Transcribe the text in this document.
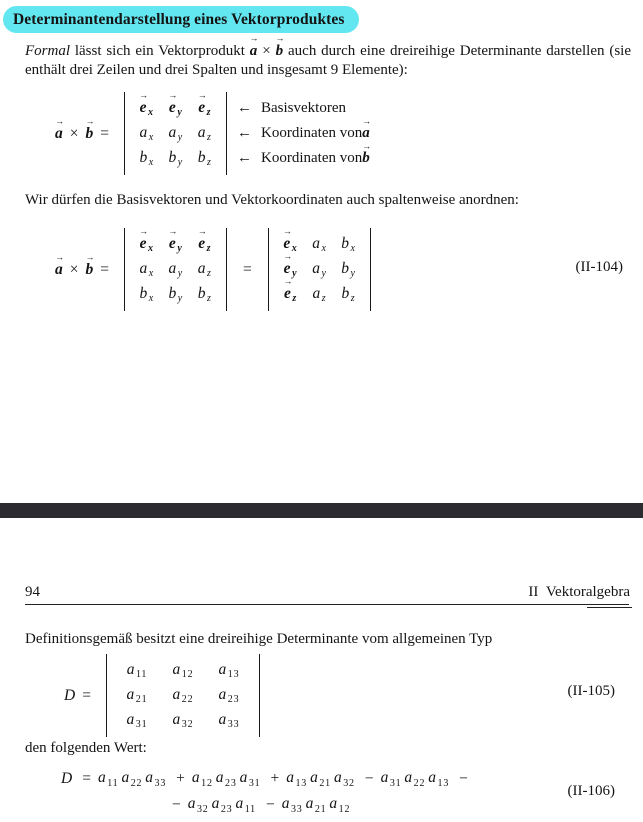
Determinantendarstellung eines Vektorproduktes

Formal lässt sich ein Vektorprodukt a
→
× b
→
auch durch eine dreireihige Determinante darstellen (sie enthält drei Zeilen und drei Spalten und insgesamt 9 Elemente):

a
→
× b
→
=
e
→
$_x$ e
→
$_y$ e
→
$_z$
a $_x$ a $_y$ a $_z$
b $_x$ b $_y$ b $_z$
← Basisvektoren
← Koordinaten von a
→
← Koordinaten von b
→

Wir dürfen die Basisvektoren und Vektorkoordinaten auch spaltenweise anordnen:

a
→
× b
→
=
e
→
$_x$ e
→
$_y$ e
→
$_z$
a $_x$ a $_y$ a $_z$
b $_x$ b $_y$ b $_z$
=
e
→
$_x$ a $_x$ b $_x$
e
→
$_y$ a $_y$ b $_y$
e
→
$_z$ a $_z$ b $_z$
(II-104)
94	II Vektoralgebra

Definitionsgemäß besitzt eine dreireihige Determinante vom allgemeinen Typ

D =
a $_{11}$ a $_{12}$ a $_{13}$
a $_{21}$ a $_{22}$ a $_{23}$
a $_{31}$ a $_{32}$ a $_{33}$
(II-105)

den folgenden Wert:

D = a $_{11}$ a $_{22}$ a $_{33}$ + a $_{12}$ a $_{23}$ a $_{31}$ + a $_{13}$ a $_{21}$ a $_{32}$ − a $_{31}$ a $_{22}$ a $_{13}$ −
− a $_{32}$ a $_{23}$ a $_{11}$ − a $_{33}$ a $_{21}$ a $_{12}$
(II-106)
